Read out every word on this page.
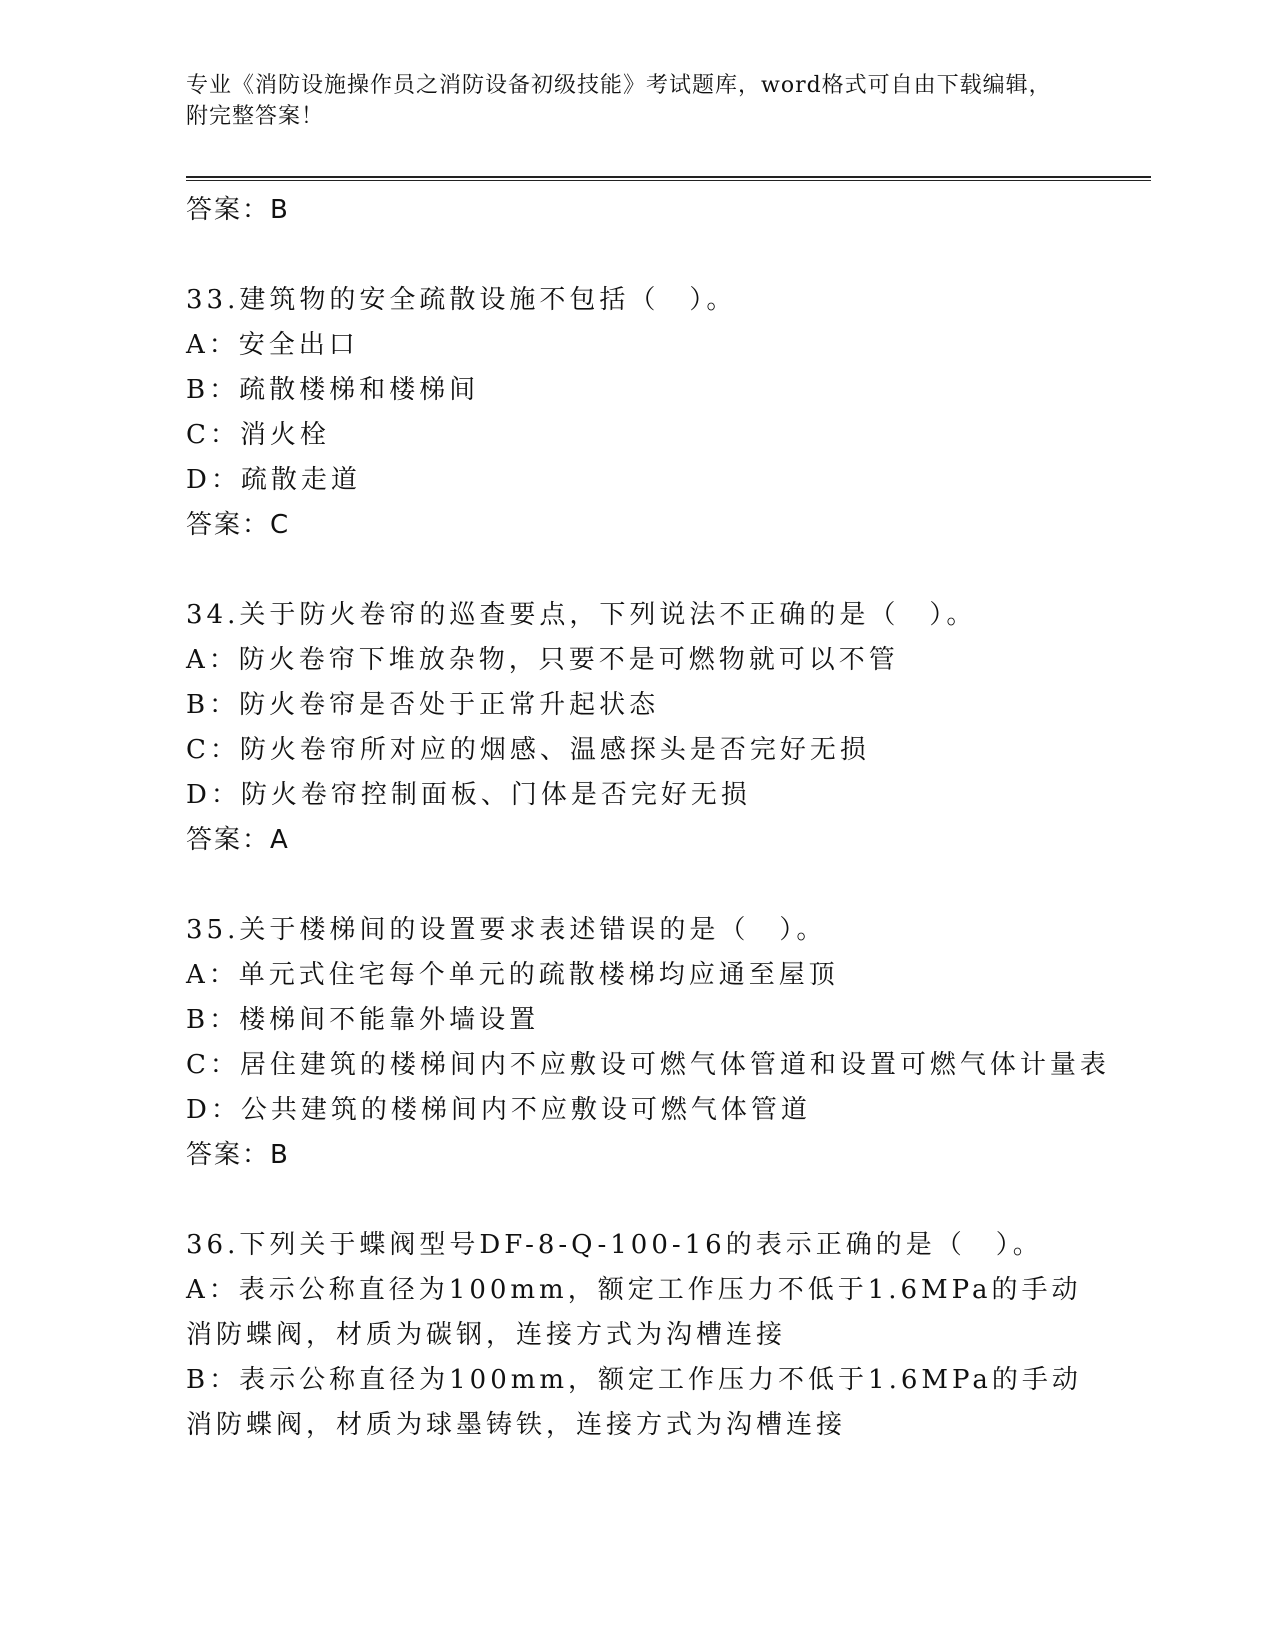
专业《消防设施操作员之消防设备初级技能》考试题库，word格式可自由下载编辑，附完整答案！
答案：B
33.建筑物的安全疏散设施不包括（　）。
A：安全出口
B：疏散楼梯和楼梯间
C：消火栓
D：疏散走道
答案：C
34.关于防火卷帘的巡查要点，下列说法不正确的是（　）。
A：防火卷帘下堆放杂物，只要不是可燃物就可以不管
B：防火卷帘是否处于正常升起状态
C：防火卷帘所对应的烟感、温感探头是否完好无损
D：防火卷帘控制面板、门体是否完好无损
答案：A
35.关于楼梯间的设置要求表述错误的是（　）。
A：单元式住宅每个单元的疏散楼梯均应通至屋顶
B：楼梯间不能靠外墙设置
C：居住建筑的楼梯间内不应敷设可燃气体管道和设置可燃气体计量表
D：公共建筑的楼梯间内不应敷设可燃气体管道
答案：B
36.下列关于蝶阀型号DF-8-Q-100-16的表示正确的是（　）。
A：表示公称直径为100mm，额定工作压力不低于1.6MPa的手动消防蝶阀，材质为碳钢，连接方式为沟槽连接
B：表示公称直径为100mm，额定工作压力不低于1.6MPa的手动消防蝶阀，材质为球墨铸铁，连接方式为沟槽连接
